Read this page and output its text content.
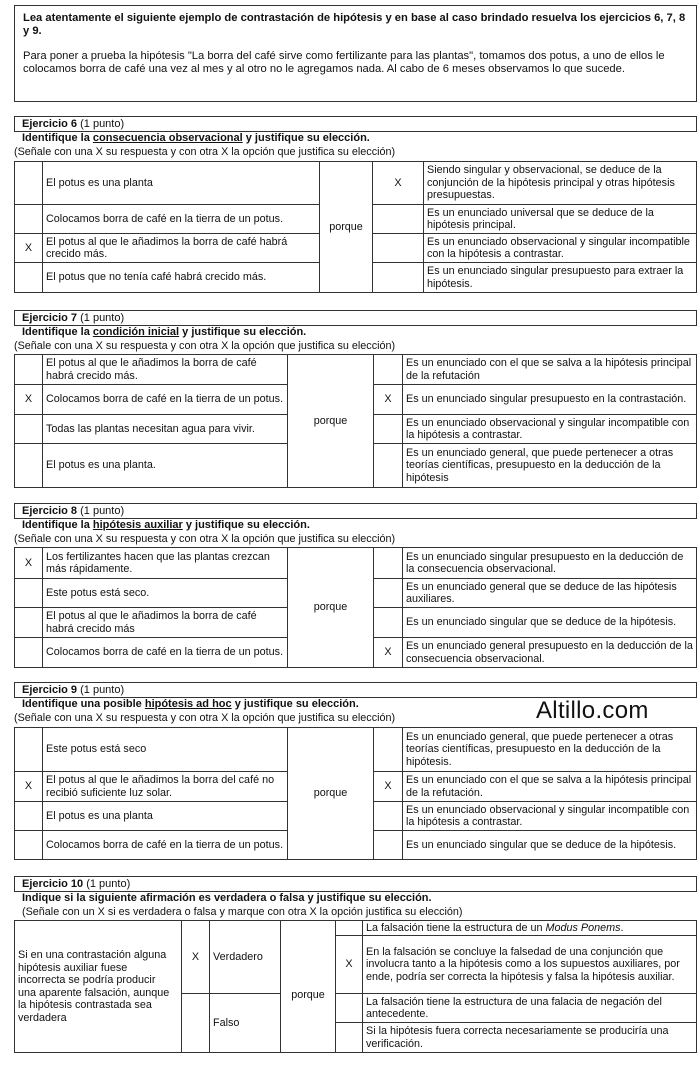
Lea atentamente el siguiente ejemplo de contrastación de hipótesis y en base al caso brindado resuelva los ejercicios 6, 7, 8 y 9.
Para poner a prueba la hipótesis "La borra del café sirve como fertilizante para las plantas", tomamos dos potus, a uno de ellos le colocamos borra de café una vez al mes y al otro no le agregamos nada. Al cabo de 6 meses observamos lo que sucede.
Ejercicio 6 (1 punto)
Identifique la consecuencia observacional y justifique su elección.
(Señale con una X su respuesta y con otra X la opción que justifica su elección)
	El potus es una planta	porque	X	Siendo singular y observacional, se deduce de la conjunción de la hipótesis principal y otras hipótesis presupuestas.
	Colocamos borra de café en la tierra de un potus.			Es un enunciado universal que se deduce de la hipótesis principal.
X	El potus al que le añadimos la borra de café habrá crecido más.			Es un enunciado observacional y singular incompatible con la hipótesis a contrastar.
	El potus que no tenía café habrá crecido más.			Es un enunciado singular presupuesto para extraer la hipótesis.
Ejercicio 7 (1 punto)
Identifique la condición inicial y justifique su elección.
(Señale con una X su respuesta y con otra X la opción que justifica su elección)
	El potus al que le añadimos la borra de café habrá crecido más.	porque		Es un enunciado con el que se salva a la hipótesis principal de la refutación
X	Colocamos borra de café en la tierra de un potus.		X	Es un enunciado singular presupuesto en la contrastación.
	Todas las plantas necesitan agua para vivir.			Es un enunciado observacional y singular incompatible con la hipótesis a contrastar.
	El potus es una planta.			Es un enunciado general, que puede pertenecer a otras teorías científicas, presupuesto en la deducción de la hipótesis
Ejercicio 8 (1 punto)
Identifique la hipótesis auxiliar y justifique su elección.
(Señale con una X su respuesta y con otra X la opción que justifica su elección)
X	Los fertilizantes hacen que las plantas crezcan más rápidamente.	porque		Es un enunciado singular presupuesto en la deducción de la consecuencia observacional.
	Este potus está seco.			Es un enunciado general que se deduce de las hipótesis auxiliares.
	El potus al que le añadimos la borra de café habrá crecido más			Es un enunciado singular que se deduce de la hipótesis.
	Colocamos borra de café en la tierra de un potus.		X	Es un enunciado general presupuesto en la deducción de la consecuencia observacional.
Ejercicio 9 (1 punto)
Identifique una posible hipótesis ad hoc y justifique su elección.
(Señale con una X su respuesta y con otra X la opción que justifica su elección)	Altillo.com
	Este potus está seco	porque		Es un enunciado general, que puede pertenecer a otras teorías científicas, presupuesto en la deducción de la hipótesis.
X	El potus al que le añadimos la borra del café no recibió suficiente luz solar.		X	Es un enunciado con el que se salva a la hipótesis principal de la refutación.
	El potus es una planta			Es un enunciado observacional y singular incompatible con la hipótesis a contrastar.
	Colocamos borra de café en la tierra de un potus.			Es un enunciado singular que se deduce de la hipótesis.
Ejercicio 10 (1 punto)
Indique si la siguiente afirmación es verdadera o falsa y justifique su elección.
(Señale con un X si es verdadera o falsa y marque con otra X la opción justifica su elección)
Si en una contrastación alguna hipótesis auxiliar fuese incorrecta se podría producir una aparente falsación, aunque la hipótesis contrastada sea verdadera	X	Verdadero	porque		La falsación tiene la estructura de un Modus Ponems.
				X	En la falsación se concluye la falsedad de una conjunción que involucra tanto a la hipótesis como a los supuestos auxiliares, por ende, podría ser correcta la hipótesis y falsa la hipótesis auxiliar.
		Falso			La falsación tiene la estructura de una falacia de negación del antecedente.
					Si la hipótesis fuera correcta necesariamente se produciría una verificación.
